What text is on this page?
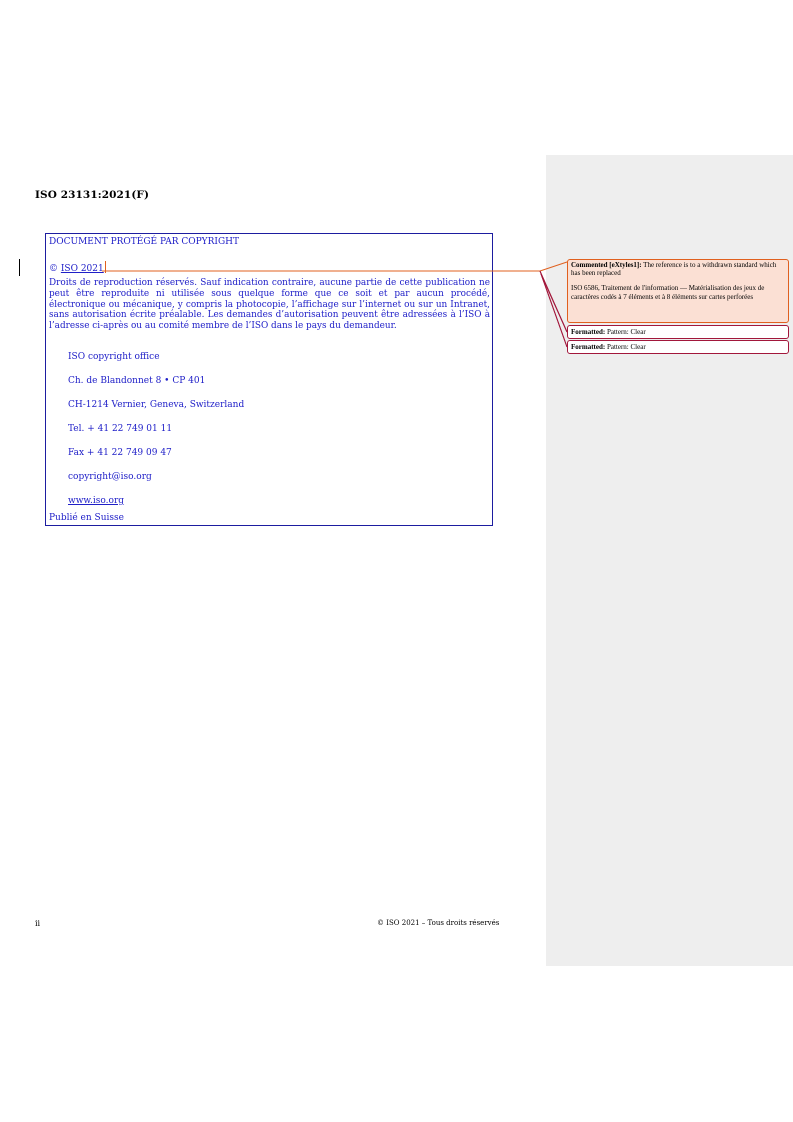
ISO 23131:2021(F)
DOCUMENT PROTÉGÉ PAR COPYRIGHT
© ISO 2021
Droits de reproduction réservés. Sauf indication contraire, aucune partie de cette publication ne peut être reproduite ni utilisée sous quelque forme que ce soit et par aucun procédé, électronique ou mécanique, y compris la photocopie, l’affichage sur l’internet ou sur un Intranet, sans autorisation écrite préalable. Les demandes d’autorisation peuvent être adressées à l’ISO à l’adresse ci-après ou au comité membre de l’ISO dans le pays du demandeur.
ISO copyright office
Ch. de Blandonnet 8 • CP 401
CH-1214 Vernier, Geneva, Switzerland
Tel. + 41 22 749 01 11
Fax + 41 22 749 09 47
copyright@iso.org
www.iso.org
Publié en Suisse
ii	© ISO 2021 – Tous droits réservés
Commented [eXtyles1]: The reference is to a withdrawn standard which has been replaced
ISO 6586, Traitement de l'information — Matérialisation des jeux de caractères codés à 7 éléments et à 8 éléments sur cartes perforées
Formatted: Pattern: Clear
Formatted: Pattern: Clear
